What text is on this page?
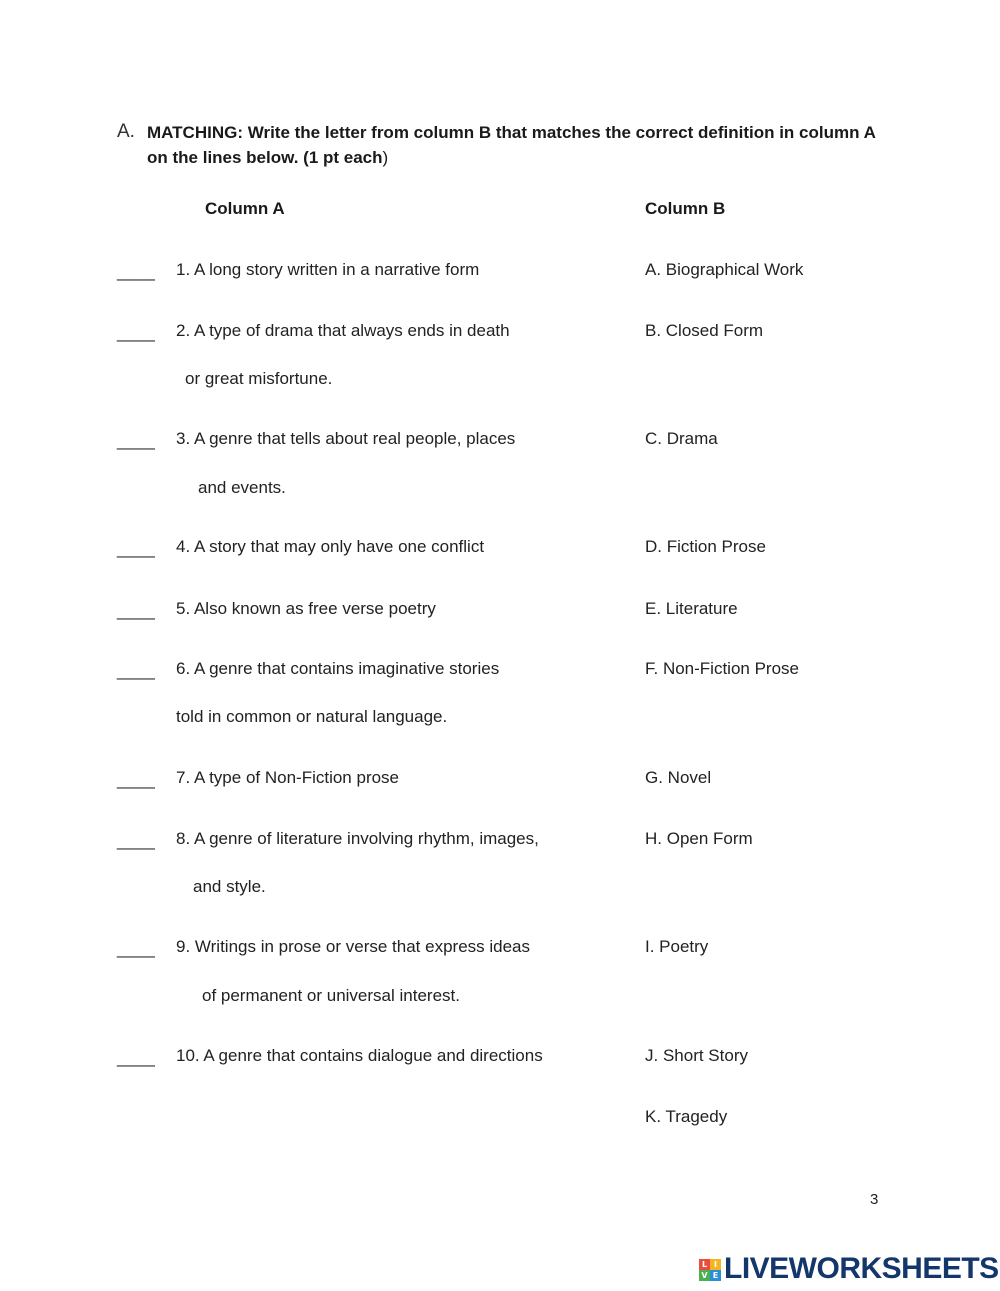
A. MATCHING: Write the letter from column B that matches the correct definition in column A on the lines below. (1 pt each)
Column A	Column B
____ 1. A long story written in a narrative form
____ 2. A type of drama that always ends in death
or great misfortune.
____ 3. A genre that tells about real people, places
and events.
____ 4. A story that may only have one conflict
____ 5. Also known as free verse poetry
____ 6. A genre that contains imaginative stories
told in common or natural language.
____ 7. A type of Non-Fiction prose
____ 8. A genre of literature involving rhythm, images,
and style.
____ 9. Writings in prose or verse that express ideas
of permanent or universal interest.
____ 10. A genre that contains dialogue and directions
A. Biographical Work
B. Closed Form
C. Drama
D. Fiction Prose
E. Literature
F. Non-Fiction Prose
G. Novel
H. Open Form
I. Poetry
J. Short Story
K. Tragedy
3
L I
V E LIVEWORKSHEETS
